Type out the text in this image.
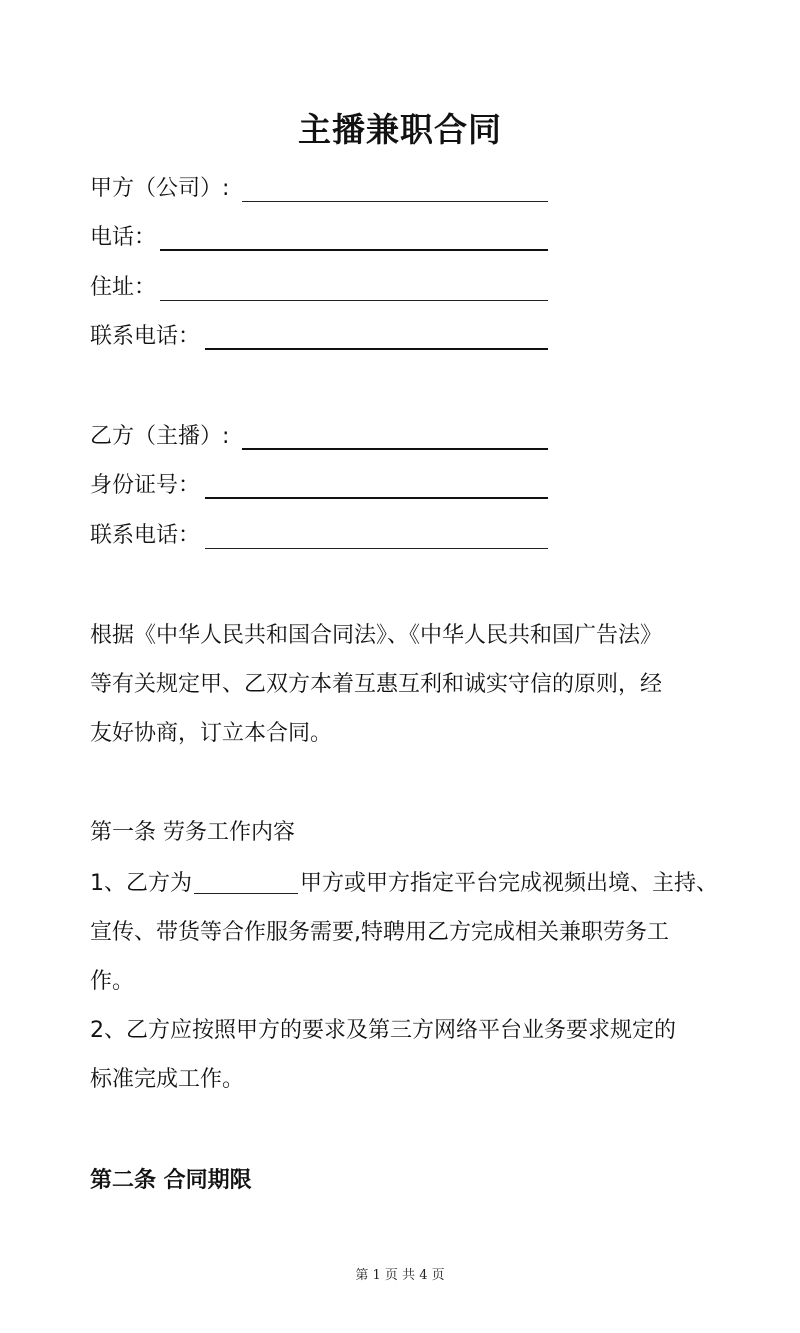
主播兼职合同
甲方（公司）:
电话：
住址：
联系电话：
乙方（主播）:
身份证号：
联系电话：

根据《中华人民共和国合同法》、《中华人民共和国广告法》

等有关规定甲、乙双方本着互惠互利和诚实守信的原则，经

友好协商，订立本合同。

第一条 劳务工作内容

1、乙方为	甲方或甲方指定平台完成视频出境、主持、

宣传、带货等合作服务需要,特聘用乙方完成相关兼职劳务工

作。

2、乙方应按照甲方的要求及第三方网络平台业务要求规定的

标准完成工作。

第二条 合同期限
第 1 页 共 4 页
